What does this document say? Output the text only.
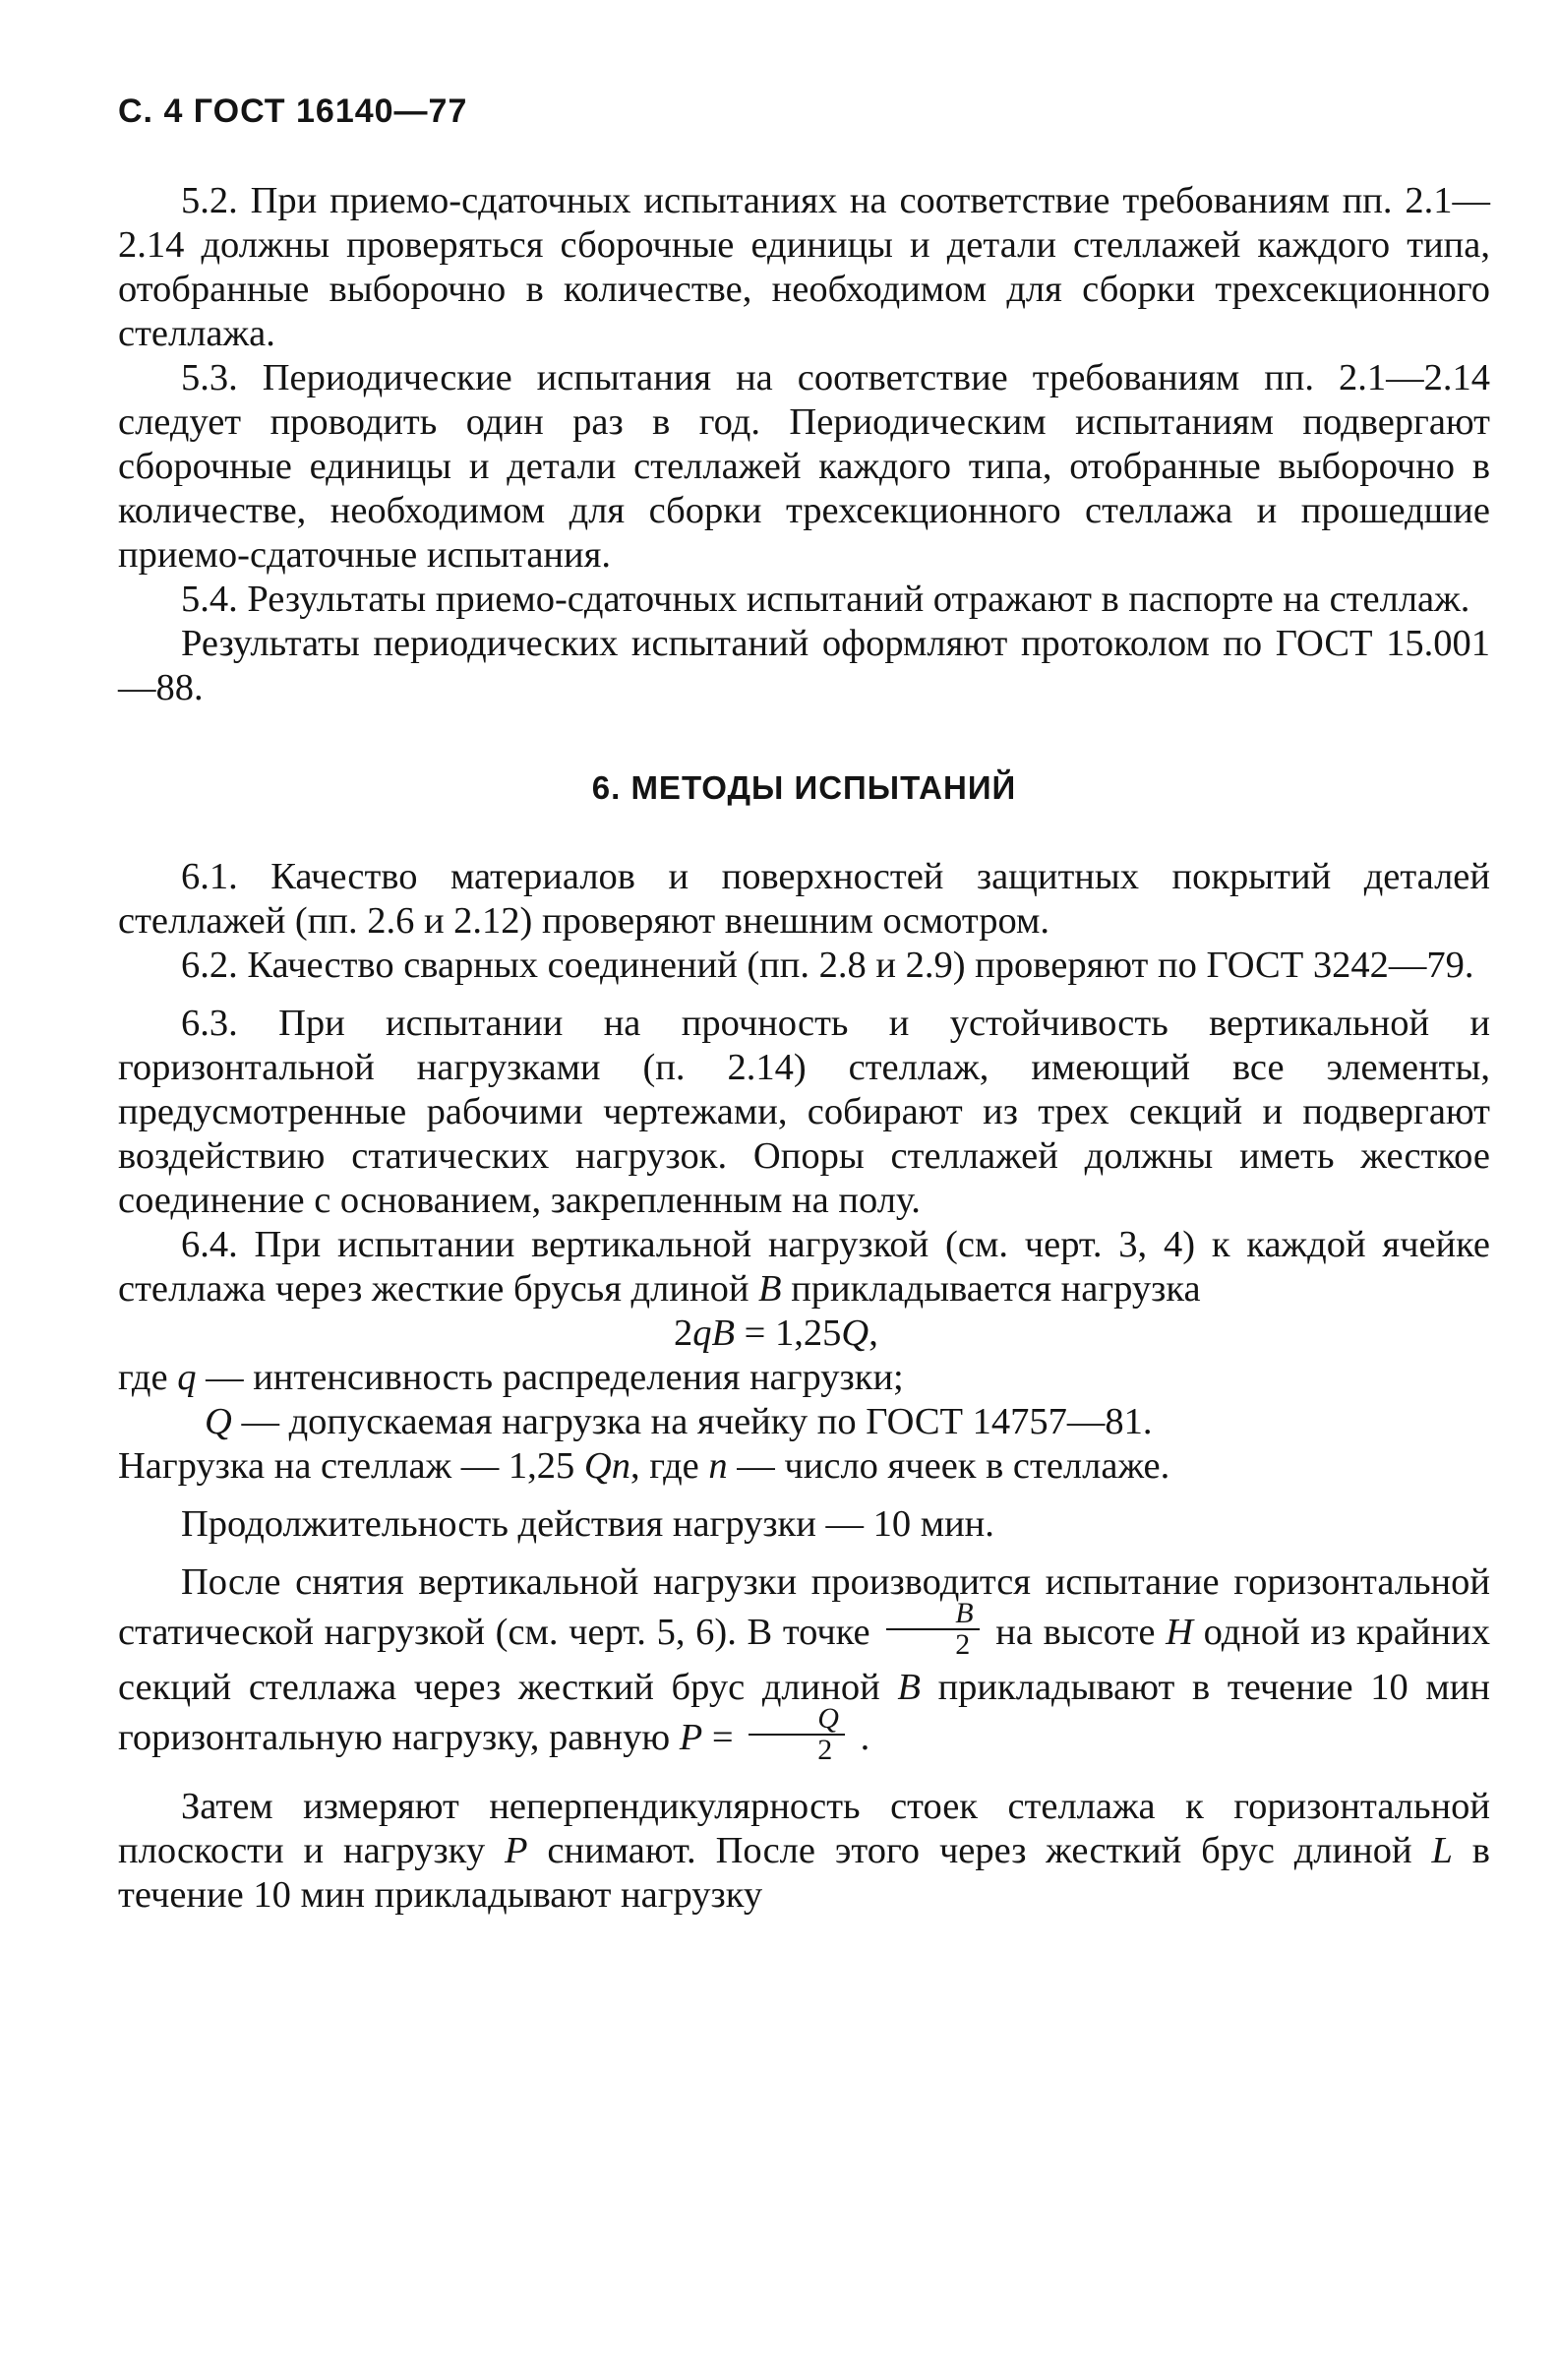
С. 4 ГОСТ 16140—77

5.2. При приемо-сдаточных испытаниях на соответствие требованиям пп. 2.1—2.14 должны проверяться сборочные единицы и детали стеллажей каждого типа, отобранные выборочно в количестве, необходимом для сборки трехсекционного стеллажа.

5.3. Периодические испытания на соответствие требованиям пп. 2.1—2.14 следует проводить один раз в год. Периодическим испытаниям подвергают сборочные единицы и детали стеллажей каждого типа, отобранные выборочно в количестве, необходимом для сборки трехсекционного стеллажа и прошедшие приемо-сдаточные испытания.

5.4. Результаты приемо-сдаточных испытаний отражают в паспорте на стеллаж.

Результаты периодических испытаний оформляют протоколом по ГОСТ 15.001—88.

6. МЕТОДЫ ИСПЫТАНИЙ

6.1. Качество материалов и поверхностей защитных покрытий деталей стеллажей (пп. 2.6 и 2.12) проверяют внешним осмотром.

6.2. Качество сварных соединений (пп. 2.8 и 2.9) проверяют по ГОСТ 3242—79.

6.3. При испытании на прочность и устойчивость вертикальной и горизонтальной нагрузками (п. 2.14) стеллаж, имеющий все элементы, предусмотренные рабочими чертежами, собирают из трех секций и подвергают воздействию статических нагрузок. Опоры стеллажей должны иметь жесткое соединение с основанием, закрепленным на полу.

6.4. При испытании вертикальной нагрузкой (см. черт. 3, 4) к каждой ячейке стеллажа через жесткие брусья длиной В прикладывается нагрузка

2qB = 1,25Q,

где q — интенсивность распределения нагрузки;

Q — допускаемая нагрузка на ячейку по ГОСТ 14757—81.

Нагрузка на стеллаж — 1,25 Qn, где n — число ячеек в стеллаже.

Продолжительность действия нагрузки — 10 мин.

После снятия вертикальной нагрузки производится испытание горизонтальной статической нагрузкой (см. черт. 5, 6). В точке $\frac{B}{2}$ на высоте H одной из крайних секций стеллажа через жесткий брус длиной B прикладывают в течение 10 мин горизонтальную нагрузку, равную $P = \frac{Q}{2}$ .

Затем измеряют неперпендикулярность стоек стеллажа к горизонтальной плоскости и нагрузку P снимают. После этого через жесткий брус длиной L в течение 10 мин прикладывают нагрузку
